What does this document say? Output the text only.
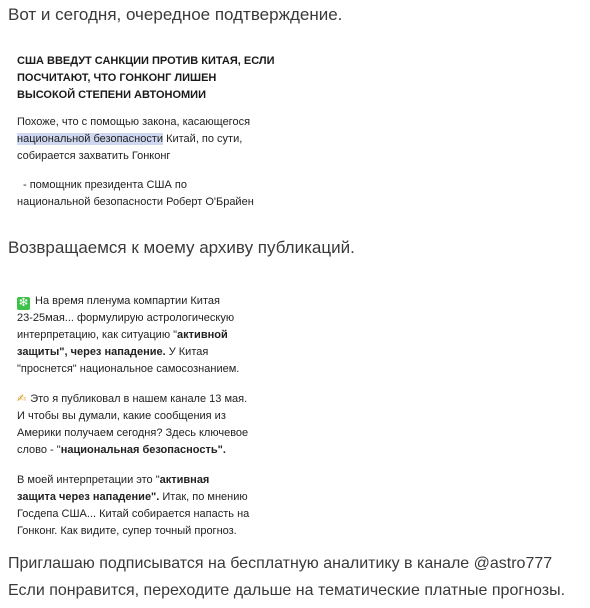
Вот и сегодня, очередное подтверждение.
США ВВЕДУТ САНКЦИИ ПРОТИВ КИТАЯ, ЕСЛИ
ПОСЧИТАЮТ, ЧТО ГОНКОНГ ЛИШЕН
ВЫСОКОЙ СТЕПЕНИ АВТОНОМИИ
Похоже, что с помощью закона, касающегося
национальной безопасности Китай, по сути,
собирается захватить Гонконг
- помощник президента США по
национальной безопасности Роберт О'Брайен
Возвращаемся к моему архиву публикаций.
❇ На время пленума компартии Китая
23-25мая... формулирую астрологическую
интерпретацию, как ситуацию "активной
защиты", через нападение. У Китая
"проснется" национальное самосознанием.
✍ Это я публиковал в нашем канале 13 мая.
И чтобы вы думали, какие сообщения из
Америки получаем сегодня? Здесь ключевое
слово - "национальная безопасность".
В моей интерпретации это "активная
защита через нападение". Итак, по мнению
Госдепа США... Китай собирается напасть на
Гонконг. Как видите, супер точный прогноз.
Приглашаю подписыватся на бесплатную аналитику в канале @astro777
Если понравится, переходите дальше на тематические платные прогнозы.
